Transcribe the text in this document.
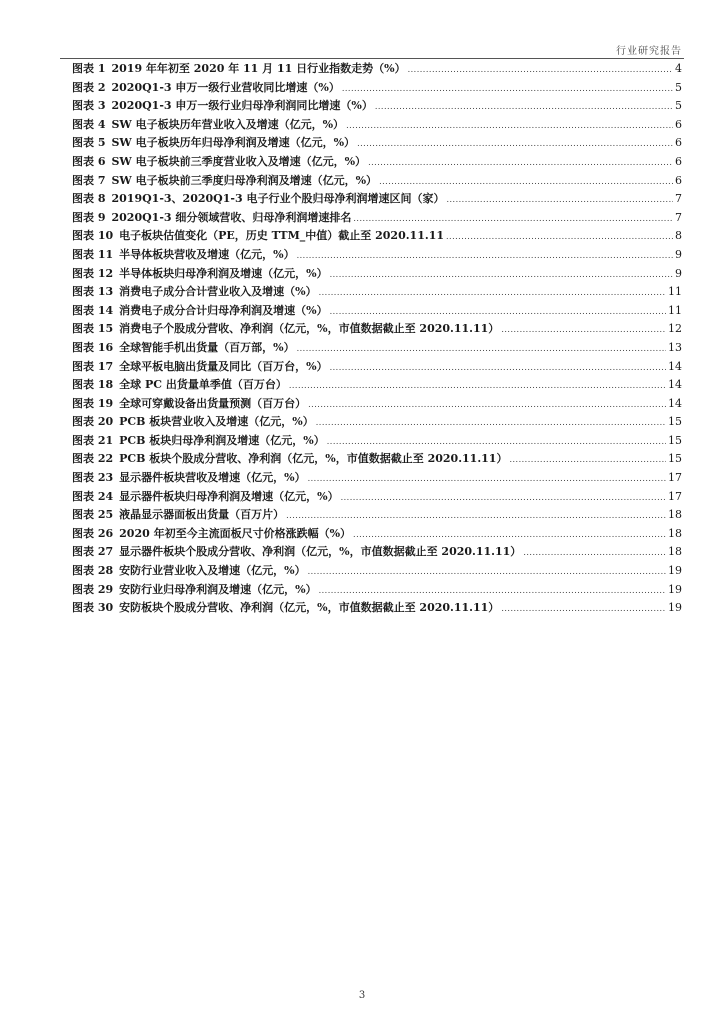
行业研究报告
图表 1 2019 年年初至 2020 年 11 月 11 日行业指数走势（%） .....	4
图表 2 2020Q1-3 申万一级行业营收同比增速（%） .....	5
图表 3 2020Q1-3 申万一级行业归母净利润同比增速（%） .....	5
图表 4 SW 电子板块历年营业收入及增速（亿元，%） .....	6
图表 5 SW 电子板块历年归母净利润及增速（亿元，%） .....	6
图表 6 SW 电子板块前三季度营业收入及增速（亿元，%） .....	6
图表 7 SW 电子板块前三季度归母净利润及增速（亿元，%） .....	6
图表 8 2019Q1-3、2020Q1-3 电子行业个股归母净利润增速区间（家） .....	7
图表 9 2020Q1-3 细分领域营收、归母净利润增速排名 .....	7
图表 10 电子板块估值变化（PE，历史 TTM_中值）截止至 2020.11.11 .....	8
图表 11 半导体板块营收及增速（亿元，%） .....	9
图表 12 半导体板块归母净利润及增速（亿元，%） .....	9
图表 13 消费电子成分合计营业收入及增速（%） .....	11
图表 14 消费电子成分合计归母净利润及增速（%） .....	11
图表 15 消费电子个股成分营收、净利润（亿元，%，市值数据截止至 2020.11.11） .....	12
图表 16 全球智能手机出货量（百万部，%） .....	13
图表 17 全球平板电脑出货量及同比（百万台，%） .....	14
图表 18 全球 PC 出货量单季值（百万台） .....	14
图表 19 全球可穿戴设备出货量预测（百万台） .....	14
图表 20 PCB 板块营业收入及增速（亿元，%） .....	15
图表 21 PCB 板块归母净利润及增速（亿元，%） .....	15
图表 22 PCB 板块个股成分营收、净利润（亿元，%，市值数据截止至 2020.11.11） .....	15
图表 23 显示器件板块营收及增速（亿元，%） .....	17
图表 24 显示器件板块归母净利润及增速（亿元，%） .....	17
图表 25 液晶显示器面板出货量（百万片） .....	18
图表 26 2020 年初至今主流面板尺寸价格涨跌幅（%） .....	18
图表 27 显示器件板块个股成分营收、净利润（亿元，%，市值数据截止至 2020.11.11） .....	18
图表 28 安防行业营业收入及增速（亿元，%） .....	19
图表 29 安防行业归母净利润及增速（亿元，%） .....	19
图表 30 安防板块个股成分营收、净利润（亿元，%，市值数据截止至 2020.11.11） .....	19
3
